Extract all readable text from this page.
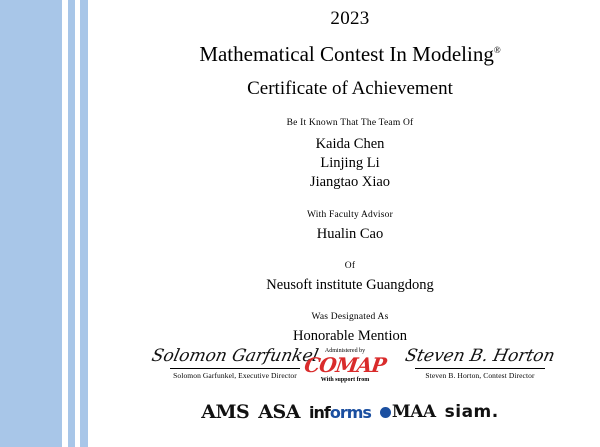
2023
Mathematical Contest In Modeling®
Certificate of Achievement
Be It Known That The Team Of
Kaida Chen
Linjing Li
Jiangtao Xiao
With Faculty Advisor
Hualin Cao
Of
Neusoft institute Guangdong
Was Designated As
Honorable Mention
Solomon Garfunkel
Solomon Garfunkel, Executive Director
Steven B. Horton
Steven B. Horton, Contest Director
Administered by
COMAP
With support from
AMS ASA informs	MAA siam.
